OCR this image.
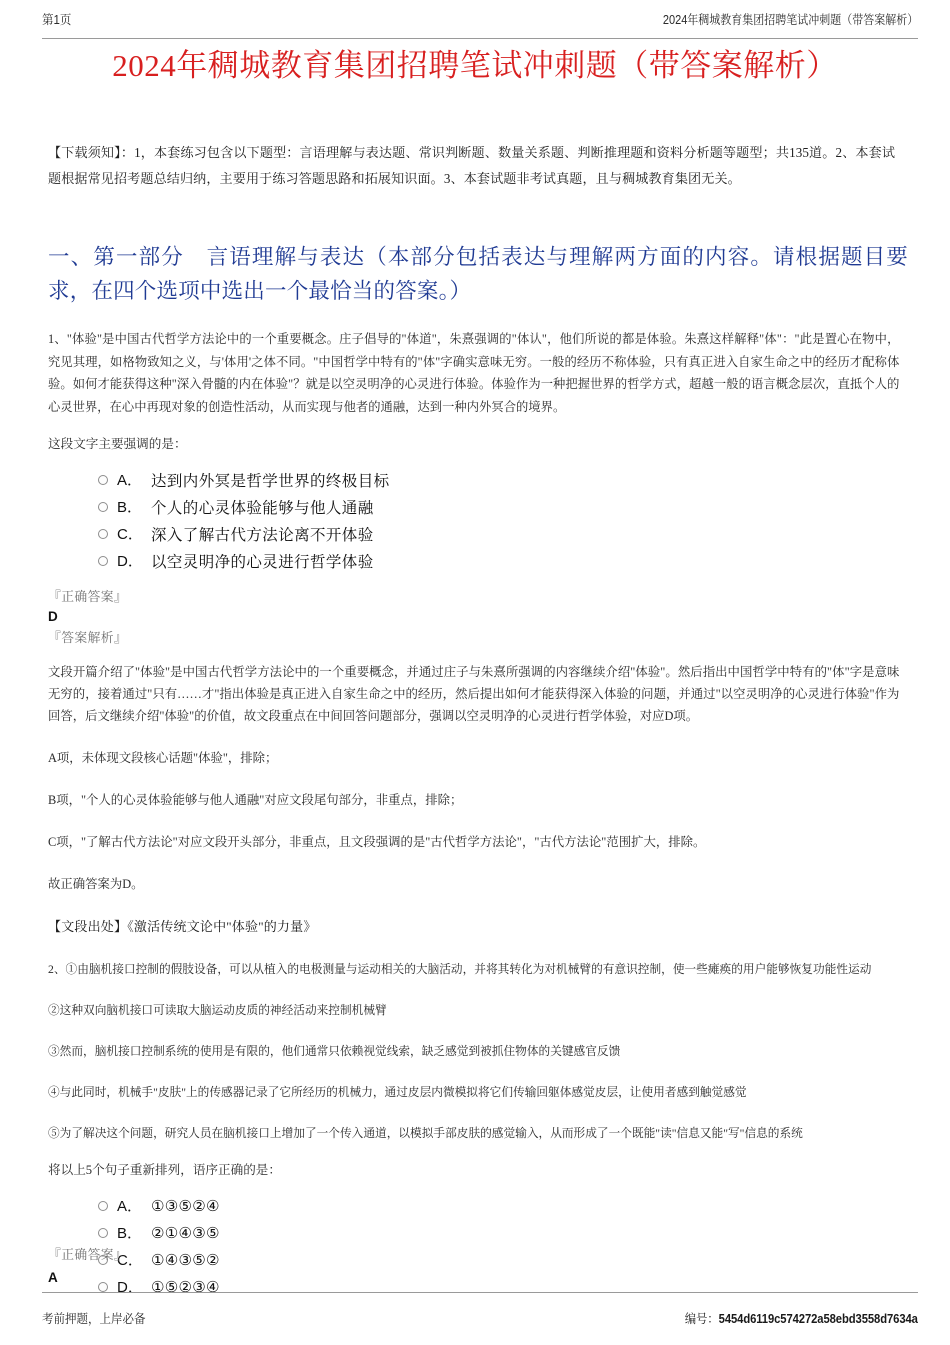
第1页	2024年稠城教育集团招聘笔试冲刺题（带答案解析）
2024年稠城教育集团招聘笔试冲刺题（带答案解析）
【下载须知】：1，本套练习包含以下题型：言语理解与表达题、常识判断题、数量关系题、判断推理题和资料分析题等题型；共135道。2、本套试题根据常见招考题总结归纳，主要用于练习答题思路和拓展知识面。3、本套试题非考试真题，且与稠城教育集团无关。
一、第一部分　言语理解与表达（本部分包括表达与理解两方面的内容。请根据题目要求，在四个选项中选出一个最恰当的答案。）
1、"体验"是中国古代哲学方法论中的一个重要概念。庄子倡导的"体道"，朱熹强调的"体认"，他们所说的都是体验。朱熹这样解释"体"："此是置心在物中，究见其理，如格物致知之义，与'体用'之体不同。"中国哲学中特有的"体"字确实意味无穷。一般的经历不称体验，只有真正进入自家生命之中的经历才配称体验。如何才能获得这种"深入骨髓的内在体验"？就是以空灵明净的心灵进行体验。体验作为一种把握世界的哲学方式，超越一般的语言概念层次，直抵个人的心灵世界，在心中再现对象的创造性活动，从而实现与他者的通融，达到一种内外冥合的境界。
这段文字主要强调的是：
A． 达到内外冥是哲学世界的终极目标
B． 个人的心灵体验能够与他人通融
C． 深入了解古代方法论离不开体验
D． 以空灵明净的心灵进行哲学体验
『正确答案』
D
『答案解析』
文段开篇介绍了"体验"是中国古代哲学方法论中的一个重要概念，并通过庄子与朱熹所强调的内容继续介绍"体验"。然后指出中国哲学中特有的"体"字是意味无穷的，接着通过"只有……才"指出体验是真正进入自家生命之中的经历，然后提出如何才能获得深入体验的问题，并通过"以空灵明净的心灵进行体验"作为回答，后文继续介绍"体验"的价值，故文段重点在中间回答问题部分，强调以空灵明净的心灵进行哲学体验，对应D项。
A项，未体现文段核心话题"体验"，排除；
B项，"个人的心灵体验能够与他人通融"对应文段尾句部分，非重点，排除；
C项，"了解古代方法论"对应文段开头部分，非重点，且文段强调的是"古代哲学方法论"，"古代方法论"范围扩大，排除。
故正确答案为D。
【文段出处】《激活传统文论中"体验"的力量》
2、①由脑机接口控制的假肢设备，可以从植入的电极测量与运动相关的大脑活动，并将其转化为对机械臂的有意识控制，使一些瘫痪的用户能够恢复功能性运动
②这种双向脑机接口可读取大脑运动皮质的神经活动来控制机械臂
③然而，脑机接口控制系统的使用是有限的，他们通常只依赖视觉线索，缺乏感觉到被抓住物体的关键感官反馈
④与此同时，机械手"皮肤"上的传感器记录了它所经历的机械力，通过皮层内微模拟将它们传输回躯体感觉皮层，让使用者感到触觉感觉
⑤为了解决这个问题，研究人员在脑机接口上增加了一个传入通道，以模拟手部皮肤的感觉输入，从而形成了一个既能"读"信息又能"写"信息的系统
将以上5个句子重新排列，语序正确的是：
A． ①③⑤②④
B． ②①④③⑤
C． ①④③⑤②
D． ①⑤②③④
『正确答案』
A
考前押题，上岸必备	编号：5454d6119c574272a58ebd3558d7634a
